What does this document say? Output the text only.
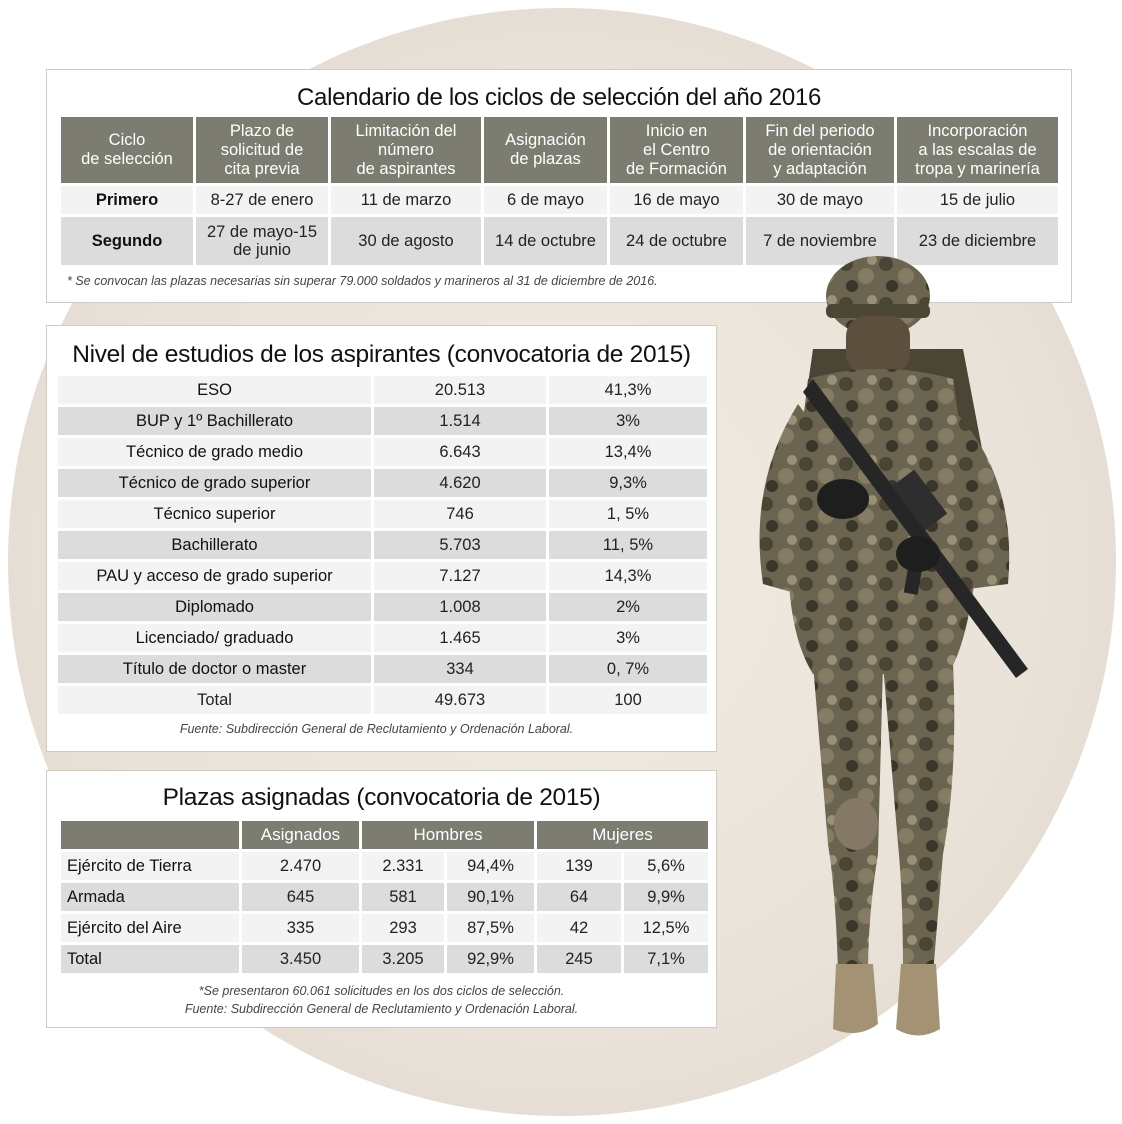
Calendario de los ciclos de selección del año 2016
Ciclo
de selección	Plazo de
solicitud de
cita previa	Limitación del
número
de aspirantes	Asignación
de plazas	Inicio en
el Centro
de Formación	Fin del periodo
de orientación
y adaptación	Incorporación
a las escalas de
tropa y marinería
Primero	8-27 de enero	11 de marzo	6 de mayo	16 de mayo	30 de mayo	15 de julio
Segundo	27 de mayo-15
de junio	30 de agosto	14 de octubre	24 de octubre	7 de noviembre	23 de diciembre
* Se convocan las plazas necesarias sin superar 79.000 soldados y marineros al 31 de diciembre de 2016.
Nivel de estudios de los aspirantes (convocatoria de 2015)
ESO	20.513	41,3%
BUP y 1º Bachillerato	1.514	3%
Técnico de grado medio	6.643	13,4%
Técnico de grado superior	4.620	9,3%
Técnico superior	746	1, 5%
Bachillerato	5.703	11, 5%
PAU y acceso de grado superior	7.127	14,3%
Diplomado	1.008	2%
Licenciado/ graduado	1.465	3%
Título de doctor o master	334	0, 7%
Total	49.673	100
Fuente: Subdirección General de Reclutamiento y Ordenación Laboral.
Plazas asignadas (convocatoria de 2015)
	Asignados	Hombres		Mujeres	
Ejército de Tierra	2.470	2.331	94,4%	139	5,6%
Armada	645	581	90,1%	64	9,9%
Ejército del Aire	335	293	87,5%	42	12,5%
Total	3.450	3.205	92,9%	245	7,1%
*Se presentaron 60.061 solicitudes en los dos ciclos de selección.
Fuente: Subdirección General de Reclutamiento y Ordenación Laboral.
